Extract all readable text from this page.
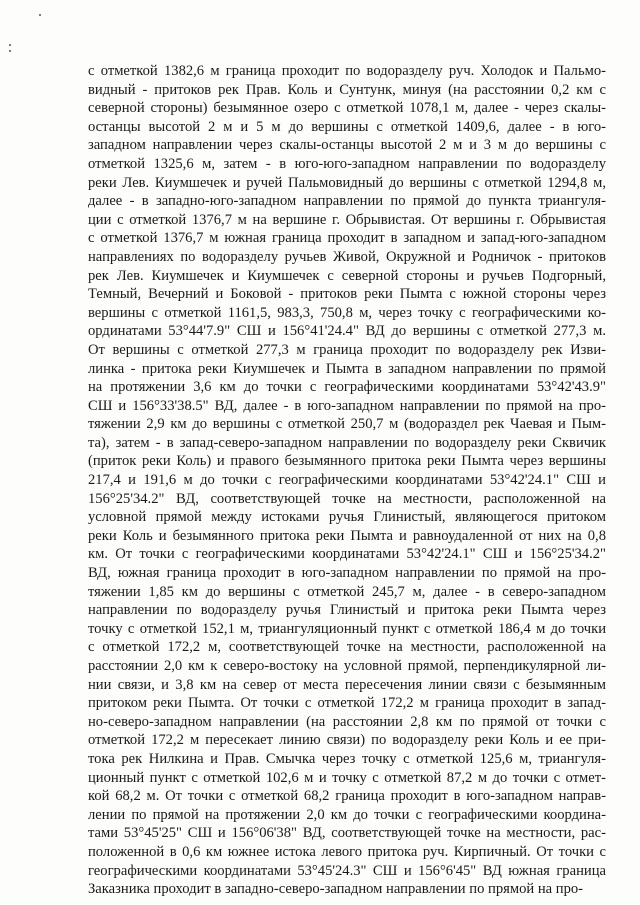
с отметкой 1382,6 м граница проходит по водоразделу руч. Холодок и Пальмо-
видный - притоков рек Прав. Коль и Сунтунк, минуя (на расстоянии 0,2 км с
северной стороны) безымянное озеро с отметкой 1078,1 м, далее - через скалы-
останцы высотой 2 м и 5 м до вершины с отметкой 1409,6, далее - в юго-
западном направлении через скалы-останцы высотой 2 м и 3 м до вершины с
отметкой 1325,6 м, затем - в юго-юго-западном направлении по водоразделу
реки Лев. Киумшечек и ручей Пальмовидный до вершины с отметкой 1294,8 м,
далее - в западно-юго-западном направлении по прямой до пункта триангуля-
ции с отметкой 1376,7 м на вершине г. Обрывистая. От вершины г. Обрывистая
с отметкой 1376,7 м южная граница проходит в западном и запад-юго-западном
направлениях по водоразделу ручьев Живой, Окружной и Родничок - притоков
рек Лев. Киумшечек и Киумшечек с северной стороны и ручьев Подгорный,
Темный, Вечерний и Боковой - притоков реки Пымта с южной стороны через
вершины с отметкой 1161,5, 983,3, 750,8 м, через точку с географическими ко-
ординатами 53°44'7.9" СШ и 156°41'24.4" ВД до вершины с отметкой 277,3 м.
От вершины с отметкой 277,3 м граница проходит по водоразделу рек Изви-
линка - притока реки Киумшечек и Пымта в западном направлении по прямой
на протяжении 3,6 км до точки с географическими координатами 53°42'43.9"
СШ и 156°33'38.5" ВД, далее - в юго-западном направлении по прямой на про-
тяжении 2,9 км до вершины с отметкой 250,7 м (водораздел рек Чаевая и Пым-
та), затем - в запад-северо-западном направлении по водоразделу реки Сквичик
(приток реки Коль) и правого безымянного притока реки Пымта через вершины
217,4 и 191,6 м до точки с географическими координатами 53°42'24.1" СШ и
156°25'34.2" ВД, соответствующей точке на местности, расположенной на
условной прямой между истоками ручья Глинистый, являющегося притоком
реки Коль и безымянного притока реки Пымта и равноудаленной от них на 0,8
км. От точки с географическими координатами 53°42'24.1" СШ и 156°25'34.2"
ВД, южная граница проходит в юго-западном направлении по прямой на про-
тяжении 1,85 км до вершины с отметкой 245,7 м, далее - в северо-западном
направлении по водоразделу ручья Глинистый и притока реки Пымта через
точку с отметкой 152,1 м, триангуляционный пункт с отметкой 186,4 м до точки
с отметкой 172,2 м, соответствующей точке на местности, расположенной на
расстоянии 2,0 км к северо-востоку на условной прямой, перпендикулярной ли-
нии связи, и 3,8 км на север от места пересечения линии связи с безымянным
притоком реки Пымта. От точки с отметкой 172,2 м граница проходит в запад-
но-северо-западном направлении (на расстоянии 2,8 км по прямой от точки с
отметкой 172,2 м пересекает линию связи) по водоразделу реки Коль и ее при-
тока рек Нилкина и Прав. Смычка через точку с отметкой 125,6 м, триангуля-
ционный пункт с отметкой 102,6 м и точку с отметкой 87,2 м до точки с отмет-
кой 68,2 м. От точки с отметкой 68,2 граница проходит в юго-западном направ-
лении по прямой на протяжении 2,0 км до точки с географическими координа-
тами 53°45'25" СШ и 156°06'38" ВД, соответствующей точке на местности, рас-
положенной в 0,6 км южнее истока левого притока руч. Кирпичный. От точки с
географическими координатами 53°45'24.3" СШ и 156°6'45" ВД южная граница
Заказника проходит в западно-северо-западном направлении по прямой на про-
